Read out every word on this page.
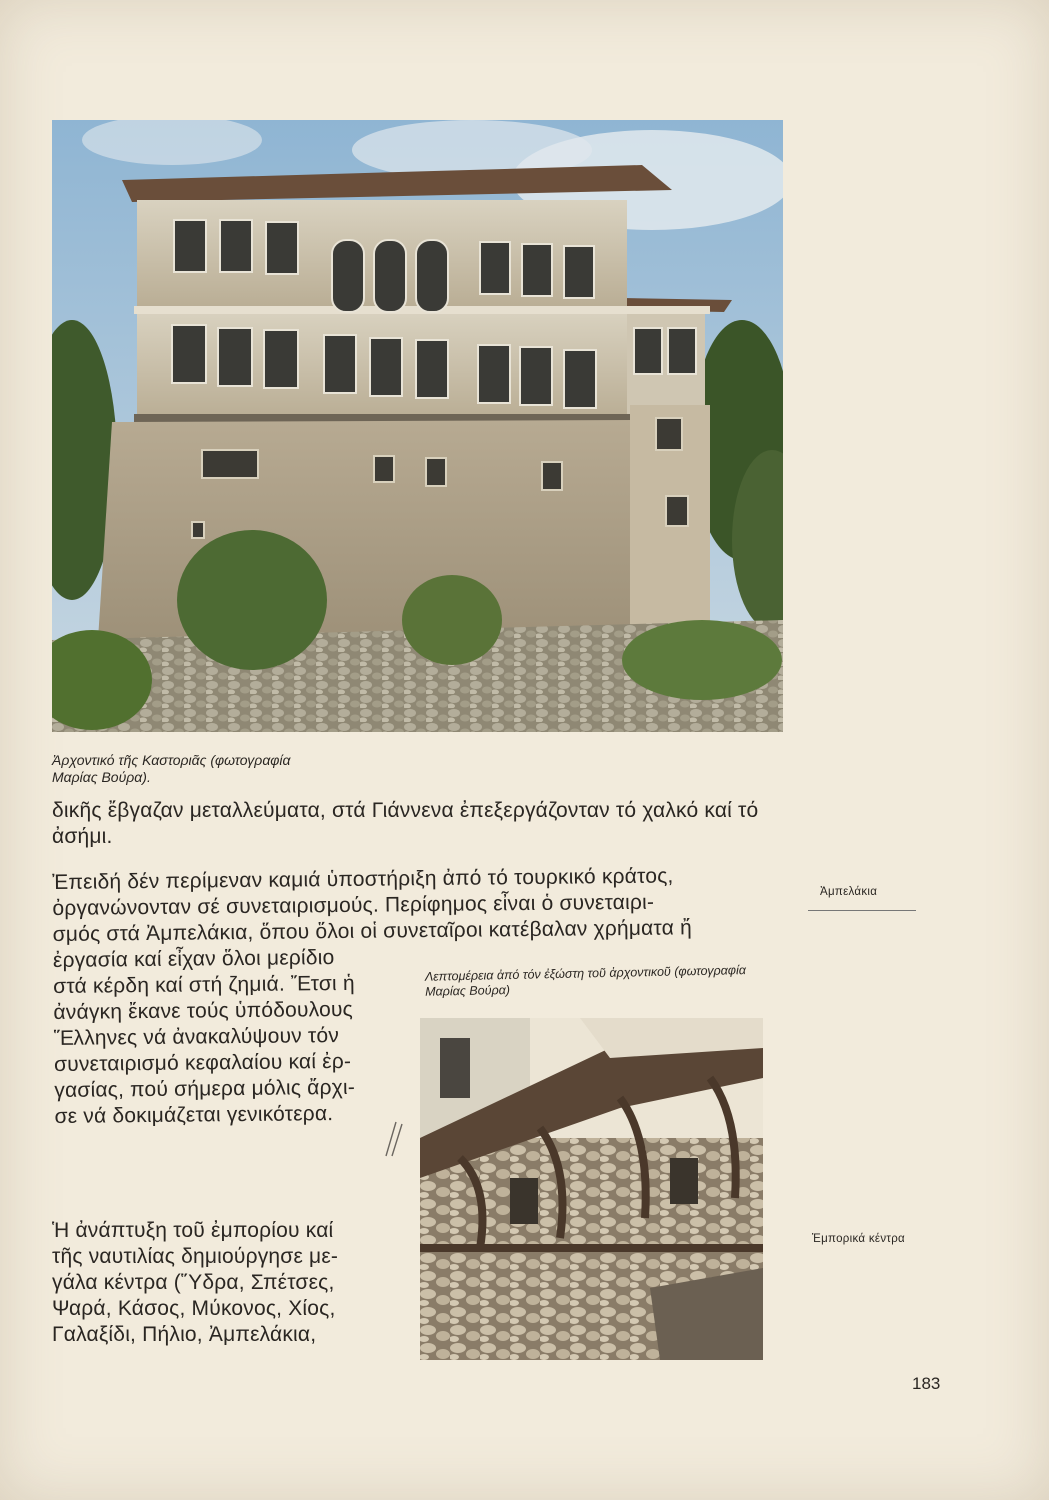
Ἀρχοντικό τῆς Καστοριᾶς (φωτογραφία Μαρίας Βούρα).
δικῆς ἔβγαζαν μεταλλεύματα, στά Γιάννενα ἐπεξεργάζονταν τό χαλκό καί τό ἀσήμι.
Ἐπειδή δέν περίμεναν καμιά ὑποστήριξη ἀπό τό τουρκικό κράτος,
ὀργανώνονταν σέ συνεταιρισμούς. Περίφημος εἶναι ὁ συνεταιρι-
σμός στά Ἀμπελάκια, ὅπου ὅλοι οἱ συνεταῖροι κατέβαλαν χρήματα ἤ
ἐργασία καί εἶχαν ὅλοι μερίδιο
στά κέρδη καί στή ζημιά. Ἔτσι ἡ
ἀνάγκη ἔκανε τούς ὑπόδουλους
Ἕλληνες νά ἀνακαλύψουν τόν
συνεταιρισμό κεφαλαίου καί ἐρ-
γασίας, πού σήμερα μόλις ἄρχι-
σε νά δοκιμάζεται γενικότερα.
Λεπτομέρεια ἀπό τόν ἐξώστη τοῦ ἀρχοντικοῦ (φωτογραφία Μαρίας Βούρα)
Ἡ ἀνάπτυξη τοῦ ἐμπορίου καί
τῆς ναυτιλίας δημιούργησε με-
γάλα κέντρα (Ὕδρα, Σπέτσες,
Ψαρά, Κάσος, Μύκονος, Χίος,
Γαλαξίδι, Πήλιο, Ἀμπελάκια,
Ἀμπελάκια
Ἐμπορικά κέντρα
183
